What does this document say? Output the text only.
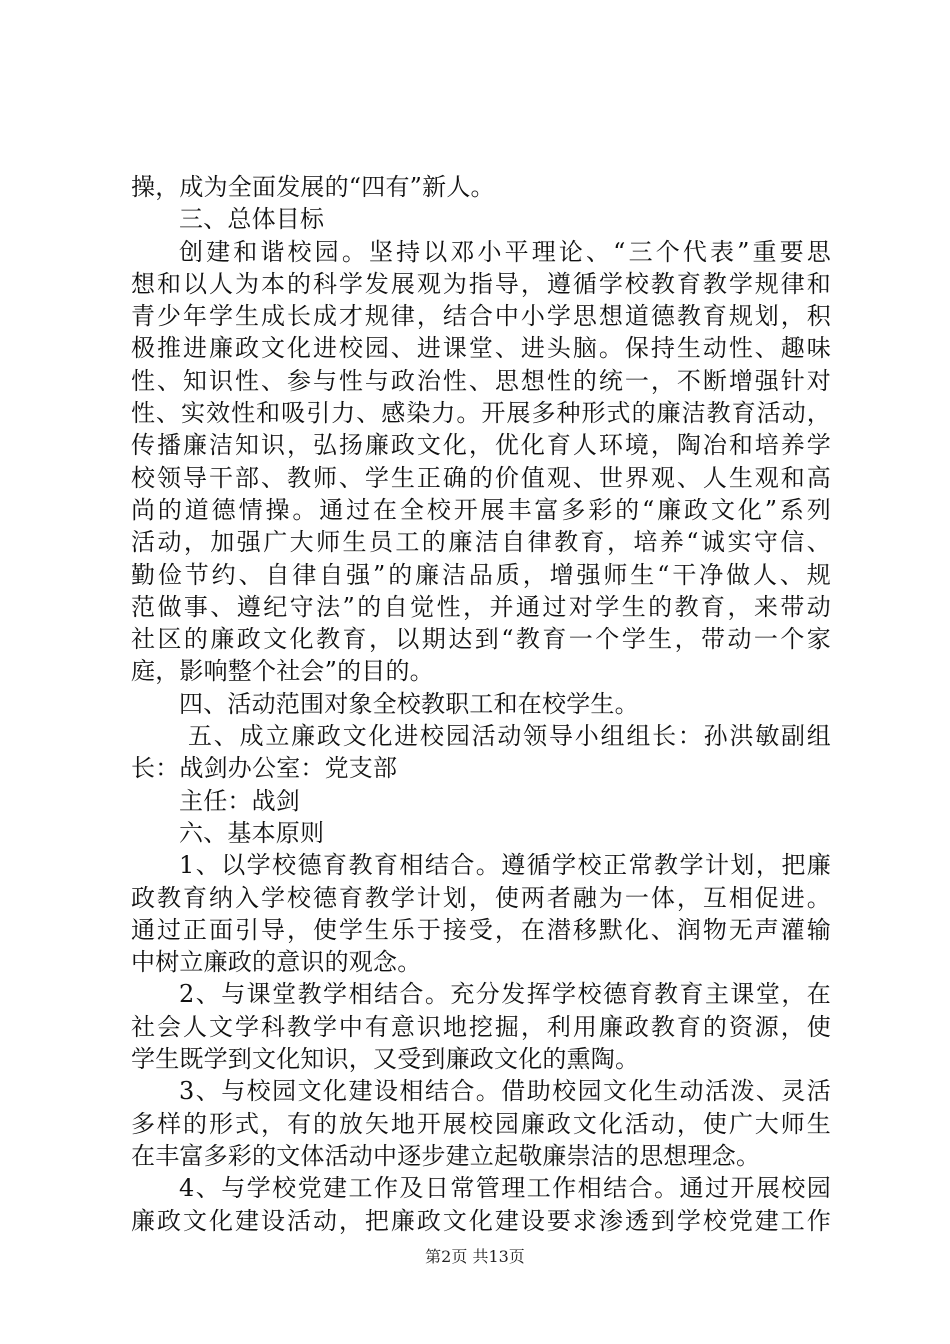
操，成为全面发展的“四有”新人。
三、总体目标
创建和谐校园。坚持以邓小平理论、“三个代表”重要思
想和以人为本的科学发展观为指导，遵循学校教育教学规律和
青少年学生成长成才规律，结合中小学思想道德教育规划，积
极推进廉政文化进校园、进课堂、进头脑。保持生动性、趣味
性、知识性、参与性与政治性、思想性的统一，不断增强针对
性、实效性和吸引力、感染力。开展多种形式的廉洁教育活动，
传播廉洁知识，弘扬廉政文化，优化育人环境，陶冶和培养学
校领导干部、教师、学生正确的价值观、世界观、人生观和高
尚的道德情操。通过在全校开展丰富多彩的“廉政文化”系列
活动，加强广大师生员工的廉洁自律教育，培养“诚实守信、
勤俭节约、自律自强”的廉洁品质，增强师生“干净做人、规
范做事、遵纪守法”的自觉性，并通过对学生的教育，来带动
社区的廉政文化教育，以期达到“教育一个学生，带动一个家
庭，影响整个社会”的目的。
四、活动范围对象全校教职工和在校学生。
五、成立廉政文化进校园活动领导小组组长：孙洪敏副组
长：战剑办公室：党支部
主任：战剑
六、基本原则
1、以学校德育教育相结合。遵循学校正常教学计划，把廉
政教育纳入学校德育教学计划，使两者融为一体，互相促进。
通过正面引导，使学生乐于接受，在潜移默化、润物无声灌输
中树立廉政的意识的观念。
2、与课堂教学相结合。充分发挥学校德育教育主课堂，在
社会人文学科教学中有意识地挖掘，利用廉政教育的资源，使
学生既学到文化知识，又受到廉政文化的熏陶。
3、与校园文化建设相结合。借助校园文化生动活泼、灵活
多样的形式，有的放矢地开展校园廉政文化活动，使广大师生
在丰富多彩的文体活动中逐步建立起敬廉崇洁的思想理念。
4、与学校党建工作及日常管理工作相结合。通过开展校园
廉政文化建设活动，把廉政文化建设要求渗透到学校党建工作
第2页 共13页
